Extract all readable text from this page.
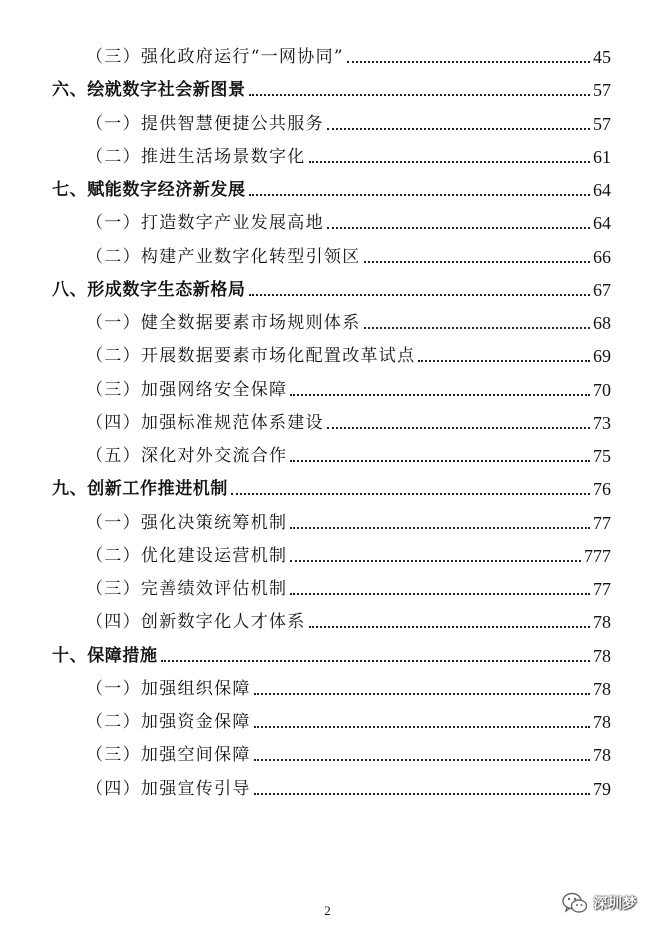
（三）强化政府运行“一网协同”	45
六、绘就数字社会新图景	57
（一）提供智慧便捷公共服务	57
（二）推进生活场景数字化	61
七、赋能数字经济新发展	64
（一）打造数字产业发展高地	64
（二）构建产业数字化转型引领区	66
八、形成数字生态新格局	67
（一）健全数据要素市场规则体系	68
（二）开展数据要素市场化配置改革试点	69
（三）加强网络安全保障	70
（四）加强标准规范体系建设	73
（五）深化对外交流合作	75
九、创新工作推进机制	76
（一）强化决策统筹机制	77
（二）优化建设运营机制	777
（三）完善绩效评估机制	77
（四）创新数字化人才体系	78
十、保障措施	78
（一）加强组织保障	78
（二）加强资金保障	78
（三）加强空间保障	78
（四）加强宣传引导	79
2	深圳梦
